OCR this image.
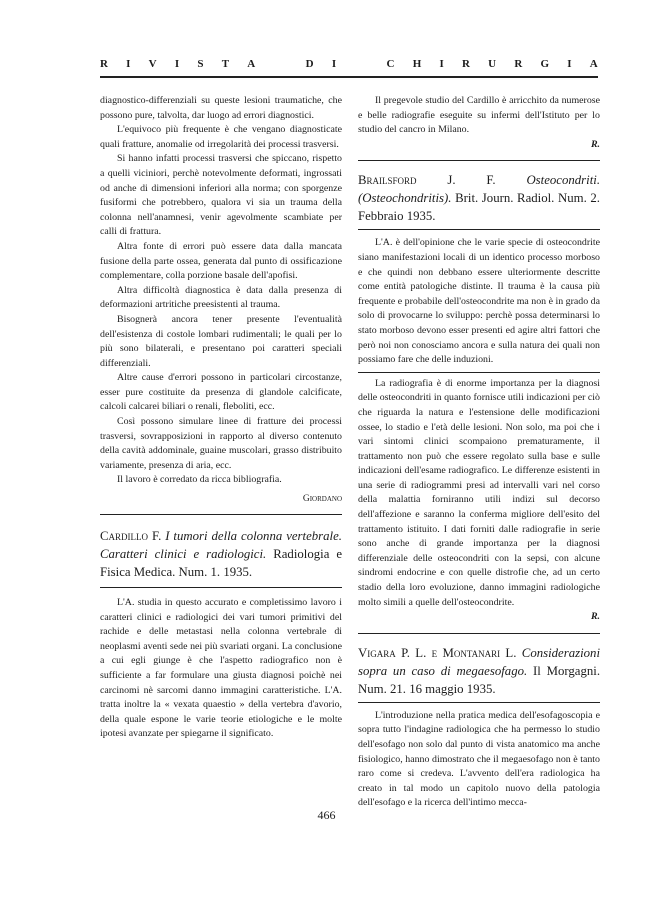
R I V I S T A	D I	C H I R U R G I A

diagnostico-differenziali su queste lesioni traumatiche, che possono pure, talvolta, dar luogo ad errori diagnostici.

L'equivoco più frequente è che vengano diagnosticate quali fratture, anomalie od irregolarità dei processi trasversi.

Si hanno infatti processi trasversi che spiccano, rispetto a quelli viciniori, perchè notevolmente deformati, ingrossati od anche di dimensioni inferiori alla norma; con sporgenze fusiformi che potrebbero, qualora vi sia un trauma della colonna nell'anamnesi, venir agevolmente scambiate per calli di frattura.

Altra fonte di errori può essere data dalla mancata fusione della parte ossea, generata dal punto di ossificazione complementare, colla porzione basale dell'apofisi.

Altra difficoltà diagnostica è data dalla presenza di deformazioni artritiche preesistenti al trauma.

Bisognerà ancora tener presente l'eventualità dell'esistenza di costole lombari rudimentali; le quali per lo più sono bilaterali, e presentano poi caratteri speciali differenziali.

Altre cause d'errori possono in particolari circostanze, esser pure costituite da presenza di glandole calcificate, calcoli calcarei biliari o renali, fleboliti, ecc.

Così possono simulare linee di fratture dei processi trasversi, sovrapposizioni in rapporto al diverso contenuto della cavità addominale, guaine muscolari, grasso distribuito variamente, presenza di aria, ecc.

Il lavoro è corredato da ricca bibliografia.

Giordano

Cardillo F. I tumori della colonna vertebrale. Caratteri clinici e radiologici. Radiologia e Fisica Medica. Num. 1. 1935.

L'A. studia in questo accurato e completissimo lavoro i caratteri clinici e radiologici dei vari tumori primitivi del rachide e delle metastasi nella colonna vertebrale di neoplasmi aventi sede nei più svariati organi. La conclusione a cui egli giunge è che l'aspetto radiografico non è sufficiente a far formulare una giusta diagnosi poichè nei carcinomi nè sarcomi danno immagini caratteristiche. L'A. tratta inoltre la « vexata quaestio » della vertebra d'avorio, della quale espone le varie teorie etiologiche e le molte ipotesi avanzate per spiegarne il significato.

Il pregevole studio del Cardillo è arricchito da numerose e belle radiografie eseguite su infermi dell'Istituto per lo studio del cancro in Milano.

R.

Brailsford J. F. Osteocondriti. (Osteochondritis). Brit. Journ. Radiol. Num. 2. Febbraio 1935.

L'A. è dell'opinione che le varie specie di osteocondrite siano manifestazioni locali di un identico processo morboso e che quindi non debbano essere ulteriormente descritte come entità patologiche distinte. Il trauma è la causa più frequente e probabile dell'osteocondrite ma non è in grado da solo di provocarne lo sviluppo: perchè possa determinarsi lo stato morboso devono esser presenti ed agire altri fattori che però noi non conosciamo ancora e sulla natura dei quali non possiamo fare che delle induzioni.

La radiografia è di enorme importanza per la diagnosi delle osteocondriti in quanto fornisce utili indicazioni per ciò che riguarda la natura e l'estensione delle modificazioni ossee, lo stadio e l'età delle lesioni. Non solo, ma poi che i vari sintomi clinici scompaiono prematuramente, il trattamento non può che essere regolato sulla base e sulle indicazioni dell'esame radiografico. Le differenze esistenti in una serie di radiogrammi presi ad intervalli vari nel corso della malattia forniranno utili indizi sul decorso dell'affezione e saranno la conferma migliore dell'esito del trattamento istituito. I dati forniti dalle radiografie in serie sono anche di grande importanza per la diagnosi differenziale delle osteocondriti con la sepsi, con alcune sindromi endocrine e con quelle distrofie che, ad un certo stadio della loro evoluzione, danno immagini radiologiche molto simili a quelle dell'osteocondrite.

R.

Vigara P. L. e Montanari L. Considerazioni sopra un caso di megaesofago. Il Morgagni. Num. 21. 16 maggio 1935.

L'introduzione nella pratica medica dell'esofagoscopia e sopra tutto l'indagine radiologica che ha permesso lo studio dell'esofago non solo dal punto di vista anatomico ma anche fisiologico, hanno dimostrato che il megaesofago non è tanto raro come si credeva. L'avvento dell'era radiologica ha creato in tal modo un capitolo nuovo della patologia dell'esofago e la ricerca dell'intimo mecca-

466
